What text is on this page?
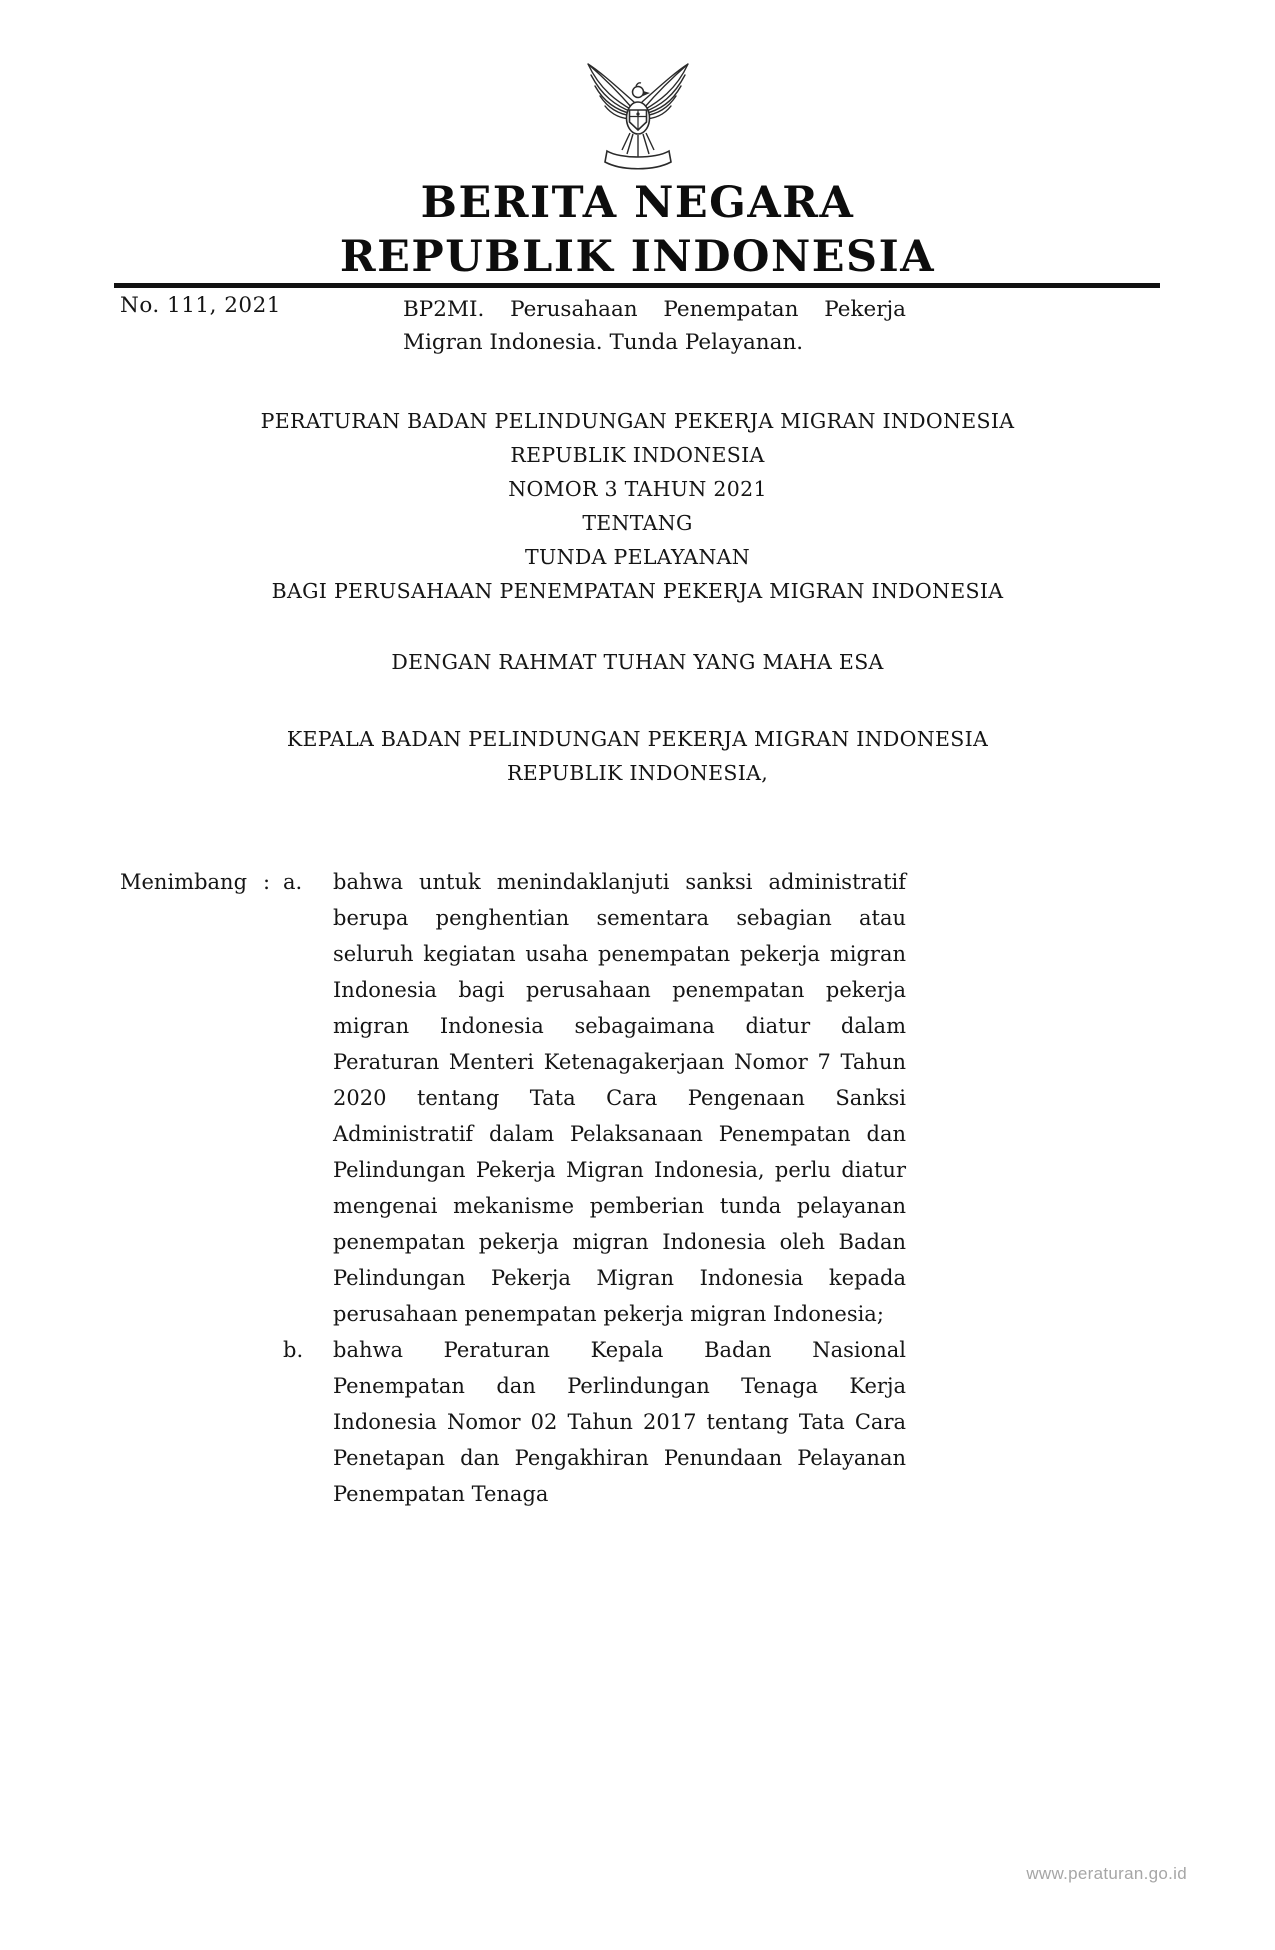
BERITA NEGARA
REPUBLIK INDONESIA
No. 111, 2021	BP2MI. Perusahaan Penempatan Pekerja Migran Indonesia. Tunda Pelayanan.
PERATURAN BADAN PELINDUNGAN PEKERJA MIGRAN INDONESIA
REPUBLIK INDONESIA
NOMOR 3 TAHUN 2021
TENTANG
TUNDA PELAYANAN
BAGI PERUSAHAAN PENEMPATAN PEKERJA MIGRAN INDONESIA
DENGAN RAHMAT TUHAN YANG MAHA ESA
KEPALA BADAN PELINDUNGAN PEKERJA MIGRAN INDONESIA
REPUBLIK INDONESIA,
Menimbang : a.	bahwa untuk menindaklanjuti sanksi administratif berupa penghentian sementara sebagian atau seluruh kegiatan usaha penempatan pekerja migran Indonesia bagi perusahaan penempatan pekerja migran Indonesia sebagaimana diatur dalam Peraturan Menteri Ketenagakerjaan Nomor 7 Tahun 2020 tentang Tata Cara Pengenaan Sanksi Administratif dalam Pelaksanaan Penempatan dan Pelindungan Pekerja Migran Indonesia, perlu diatur mengenai mekanisme pemberian tunda pelayanan penempatan pekerja migran Indonesia oleh Badan Pelindungan Pekerja Migran Indonesia kepada perusahaan penempatan pekerja migran Indonesia;
b.	bahwa Peraturan Kepala Badan Nasional Penempatan dan Perlindungan Tenaga Kerja Indonesia Nomor 02 Tahun 2017 tentang Tata Cara Penetapan dan Pengakhiran Penundaan Pelayanan Penempatan Tenaga
www.peraturan.go.id
